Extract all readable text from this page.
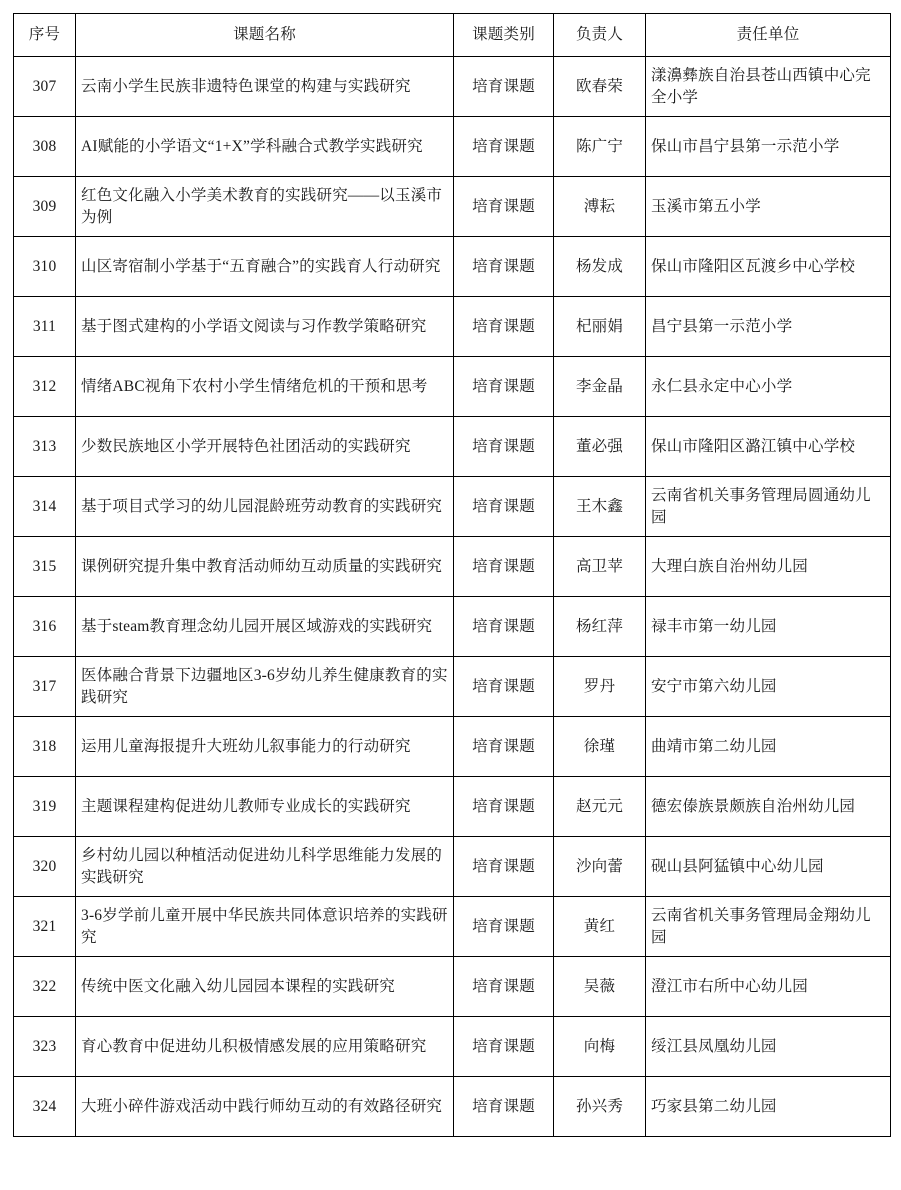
序号	课题名称	课题类别	负责人	责任单位
307	云南小学生民族非遗特色课堂的构建与实践研究	培育课题	欧春荣	漾濞彝族自治县苍山西镇中心完全小学
308	AI赋能的小学语文“1+X”学科融合式教学实践研究	培育课题	陈广宁	保山市昌宁县第一示范小学
309	红色文化融入小学美术教育的实践研究——以玉溪市为例	培育课题	溥耘	玉溪市第五小学
310	山区寄宿制小学基于“五育融合”的实践育人行动研究	培育课题	杨发成	保山市隆阳区瓦渡乡中心学校
311	基于图式建构的小学语文阅读与习作教学策略研究	培育课题	杞丽娟	昌宁县第一示范小学
312	情绪ABC视角下农村小学生情绪危机的干预和思考	培育课题	李金晶	永仁县永定中心小学
313	少数民族地区小学开展特色社团活动的实践研究	培育课题	董必强	保山市隆阳区潞江镇中心学校
314	基于项目式学习的幼儿园混龄班劳动教育的实践研究	培育课题	王木鑫	云南省机关事务管理局圆通幼儿园
315	课例研究提升集中教育活动师幼互动质量的实践研究	培育课题	高卫苹	大理白族自治州幼儿园
316	基于steam教育理念幼儿园开展区域游戏的实践研究	培育课题	杨红萍	禄丰市第一幼儿园
317	医体融合背景下边疆地区3-6岁幼儿养生健康教育的实践研究	培育课题	罗丹	安宁市第六幼儿园
318	运用儿童海报提升大班幼儿叙事能力的行动研究	培育课题	徐瑾	曲靖市第二幼儿园
319	主题课程建构促进幼儿教师专业成长的实践研究	培育课题	赵元元	德宏傣族景颇族自治州幼儿园
320	乡村幼儿园以种植活动促进幼儿科学思维能力发展的实践研究	培育课题	沙向蕾	砚山县阿猛镇中心幼儿园
321	3-6岁学前儿童开展中华民族共同体意识培养的实践研究	培育课题	黄红	云南省机关事务管理局金翔幼儿园
322	传统中医文化融入幼儿园园本课程的实践研究	培育课题	吴薇	澄江市右所中心幼儿园
323	育心教育中促进幼儿积极情感发展的应用策略研究	培育课题	向梅	绥江县凤凰幼儿园
324	大班小碎件游戏活动中践行师幼互动的有效路径研究	培育课题	孙兴秀	巧家县第二幼儿园
